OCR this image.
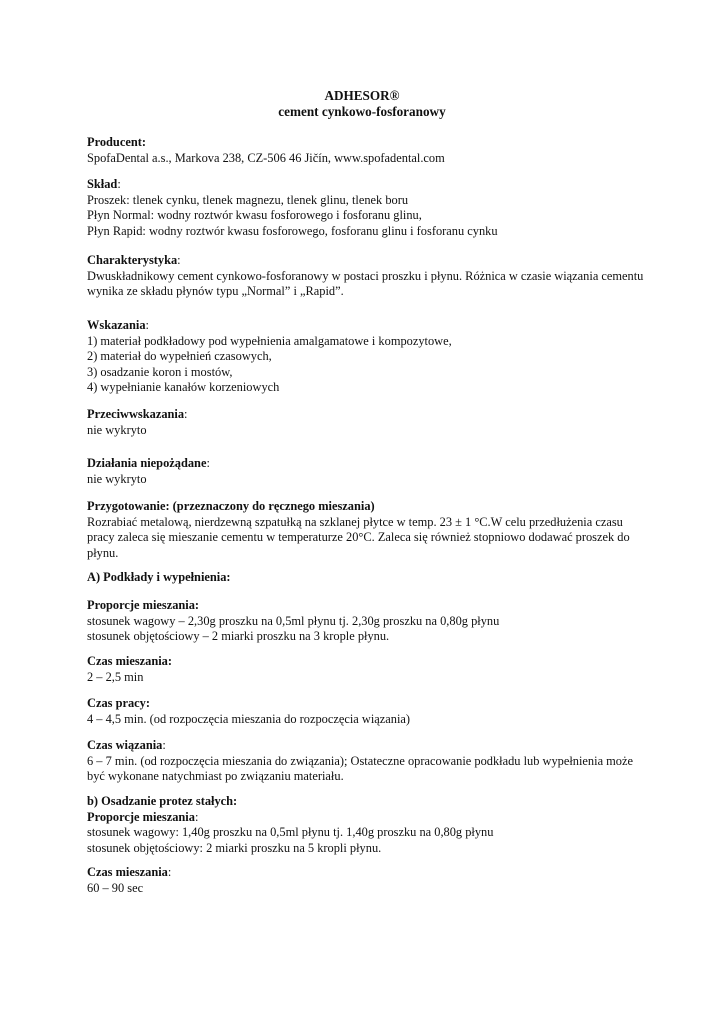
ADHESOR®
cement cynkowo-fosforanowy
Producent:
SpofaDental a.s., Markova 238, CZ-506 46 Jičín, www.spofadental.com
Skład:
Proszek: tlenek cynku, tlenek magnezu, tlenek glinu, tlenek boru
Płyn Normal: wodny roztwór kwasu fosforowego i fosforanu glinu,
Płyn Rapid: wodny roztwór kwasu fosforowego, fosforanu glinu i fosforanu cynku
Charakterystyka:
Dwuskładnikowy cement cynkowo-fosforanowy w postaci proszku i płynu. Różnica w czasie wiązania cementu
wynika ze składu płynów typu „Normal” i „Rapid”.
Wskazania:
1) materiał podkładowy pod wypełnienia amalgamatowe i kompozytowe,
2) materiał do wypełnień czasowych,
3) osadzanie koron i mostów,
4) wypełnianie kanałów korzeniowych
Przeciwwskazania:
nie wykryto
Działania niepożądane:
nie wykryto
Przygotowanie: (przeznaczony do ręcznego mieszania)
Rozrabiać metalową, nierdzewną szpatułką na szklanej płytce w temp. 23 ± 1 °C.W celu przedłużenia czasu
pracy zaleca się mieszanie cementu w temperaturze 20°C. Zaleca się również stopniowo dodawać proszek do
płynu.
A) Podkłady i wypełnienia:
Proporcje mieszania:
stosunek wagowy – 2,30g proszku na 0,5ml płynu tj. 2,30g proszku na 0,80g płynu
stosunek objętościowy – 2 miarki proszku na 3 krople płynu.
Czas mieszania:
2 – 2,5 min
Czas pracy:
4 – 4,5 min. (od rozpoczęcia mieszania do rozpoczęcia wiązania)
Czas wiązania:
6 – 7 min. (od rozpoczęcia mieszania do związania); Ostateczne opracowanie podkładu lub wypełnienia może
być wykonane natychmiast po związaniu materiału.
b) Osadzanie protez stałych:
Proporcje mieszania:
stosunek wagowy: 1,40g proszku na 0,5ml płynu tj. 1,40g proszku na 0,80g płynu
stosunek objętościowy: 2 miarki proszku na 5 kropli płynu.
Czas mieszania:
60 – 90 sec
